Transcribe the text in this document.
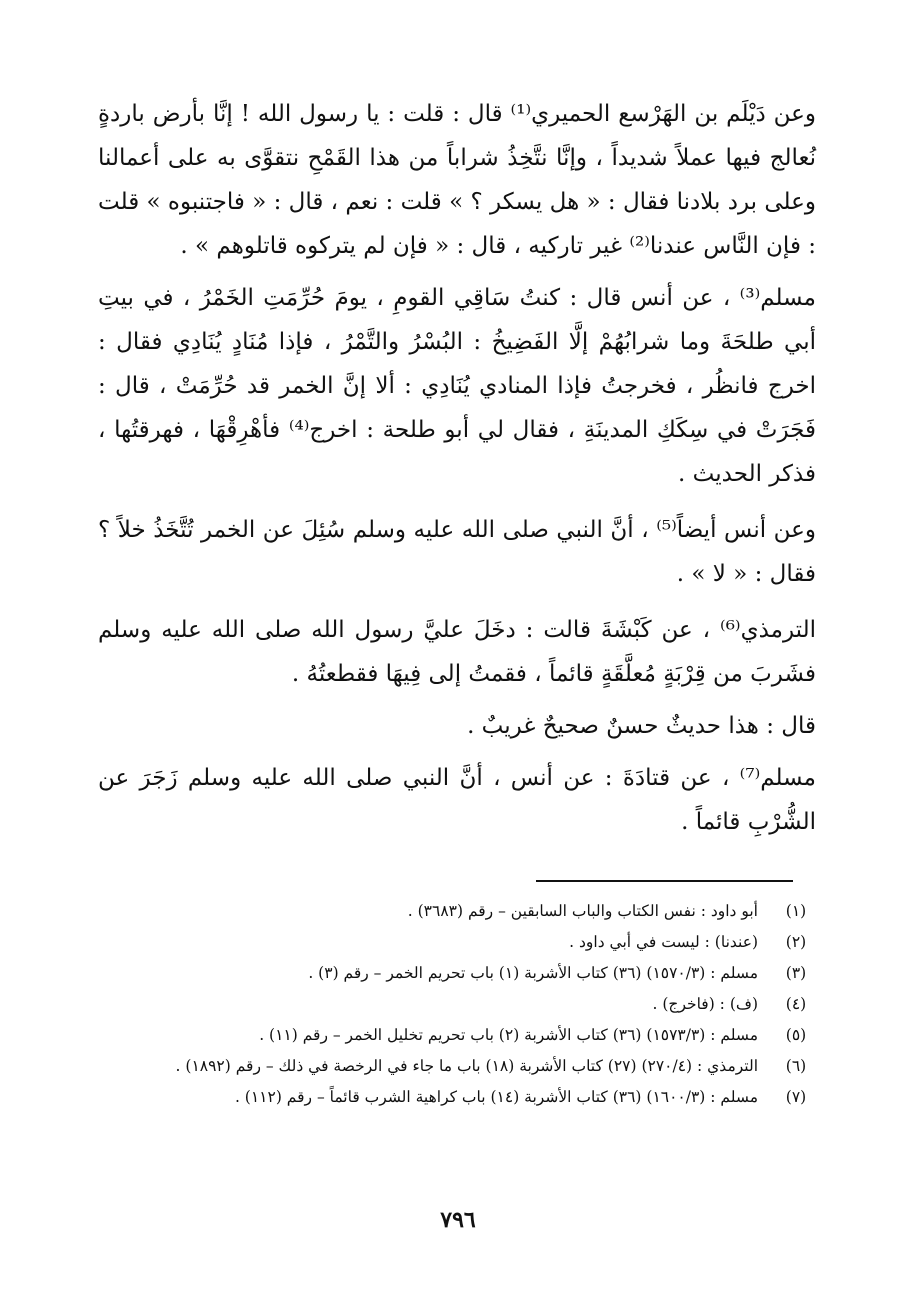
وعن دَيْلَم بن الهَرْسع الحميري⁽¹⁾ قال : قلت : يا رسول الله ! إنَّا بأرض باردةٍ نُعالج فيها عملاً شديداً ، وإنَّا نتَّخِذُ شراباً من هذا القَمْحِ نتقوَّى به على أعمالنا وعلى برد بلادنا فقال : « هل يسكر ؟ » قلت : نعم ، قال : « فاجتنبوه » قلت : فإن النَّاس عندنا⁽²⁾ غير تاركيه ، قال : « فإن لم يتركوه قاتلوهم » .

مسلم⁽³⁾ ، عن أنس قال : كنتُ سَاقِي القومِ ، يومَ حُرِّمَتِ الخَمْرُ ، في بيتِ أبي طلحَةَ وما شرابُهُمْ إلَّا الفَضِيخُ : البُسْرُ والتَّمْرُ ، فإذا مُنَادٍ يُنَادِي فقال : اخرج فانظُر ، فخرجتُ فإذا المنادي يُنَادِي : ألا إنَّ الخمر قد حُرِّمَتْ ، قال : فَجَرَتْ في سِكَكِ المدينَةِ ، فقال لي أبو طلحة : اخرج⁽⁴⁾ فأهْرِقْهَا ، فهرقتُها ، فذكر الحديث .

وعن أنس أيضاً⁽⁵⁾ ، أنَّ النبي صلى الله عليه وسلم سُئِلَ عن الخمر تُتَّخَذُ خلاً ؟ فقال : « لا » .

الترمذي⁽⁶⁾ ، عن كَبْشَةَ قالت : دخَلَ عليَّ رسول الله صلى الله عليه وسلم فشَربَ من قِرْبَةٍ مُعلَّقَةٍ قائماً ، فقمتُ إلى فِيهَا فقطعتُهُ .

قال : هذا حديثٌ حسنٌ صحيحٌ غريبٌ .

مسلم⁽⁷⁾ ، عن قتادَةَ : عن أنس ، أنَّ النبي صلى الله عليه وسلم زَجَرَ عن الشُّرْبِ قائماً .

(١)
أبو داود : نفس الكتاب والباب السابقين – رقم (٣٦٨٣) .
(٢)
(عندنا) : ليست في أبي داود .
(٣)
مسلم : (١٥٧٠/٣) (٣٦) كتاب الأشربة (١) باب تحريم الخمر – رقم (٣) .
(٤)
(ف) : (فاخرج) .
(٥)
مسلم : (١٥٧٣/٣) (٣٦) كتاب الأشربة (٢) باب تحريم تخليل الخمر – رقم (١١) .
(٦)
الترمذي : (٢٧٠/٤) (٢٧) كتاب الأشربة (١٨) باب ما جاء في الرخصة في ذلك – رقم (١٨٩٢) .
(٧)
مسلم : (١٦٠٠/٣) (٣٦) كتاب الأشربة (١٤) باب كراهية الشرب قائماً – رقم (١١٢) .
٧٩٦
